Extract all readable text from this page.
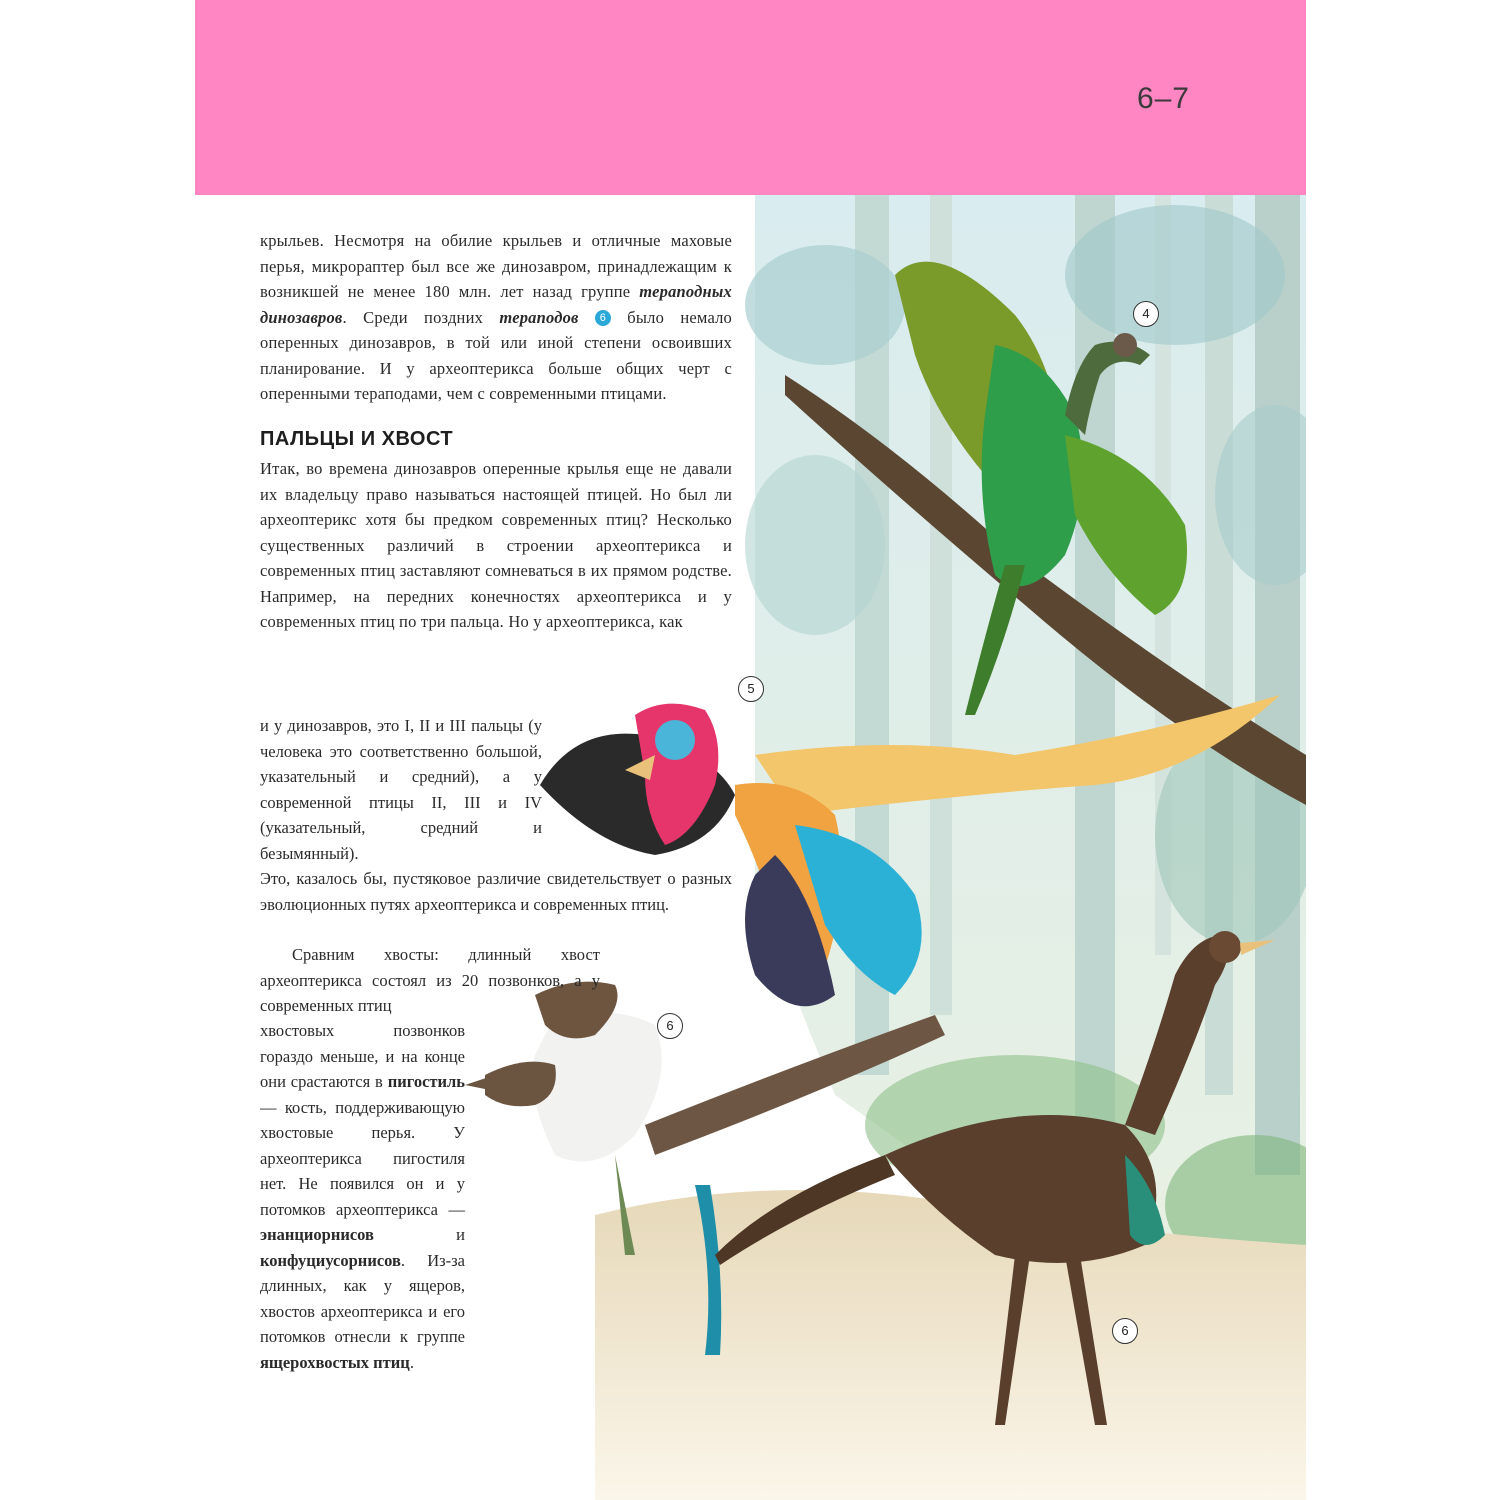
6–7
4
5
6
6

крыльев. Несмотря на обилие крыльев и отличные маховые перья, микрораптер был все же динозавром, принадлежащим к возникшей не менее 180 млн. лет назад группе тераподных динозавров. Среди поздних тераподов 6 было немало оперенных динозавров, в той или иной степени освоивших планирование. И у археоптерикса больше общих черт с оперенными тераподами, чем с современными птицами.

ПАЛЬЦЫ И ХВОСТ

Итак, во времена динозавров оперенные крылья еще не давали их владельцу право называться настоящей птицей. Но был ли археоптерикс хотя бы предком современных птиц? Несколько существенных различий в строении археоптерикса и современных птиц заставляют сомневаться в их прямом родстве. Например, на передних конечностях археоптерикса и у современных птиц по три пальца. Но у археоптерикса, как

и у динозавров, это I, II и III пальцы (у человека это соответственно большой, указательный и средний), а у современной птицы II, III и IV (указательный, средний и безымянный).
Это, казалось бы, пустяковое различие свидетельствует о разных эволюционных путях археоптерикса и современных птиц.
Сравним хвосты: длинный хвост археоптерикса состоял из 20 позвонков, а у современных птиц
хвостовых позвонков гораздо меньше, и на конце они срастаются в пигостиль — кость, поддерживающую хвостовые перья. У археоптерикса пигостиля нет. Не появился он и у потомков археоптерикса — энанциорнисов и конфуциусорнисов. Из-за длинных, как у ящеров, хвостов археоптерикса и его потомков отнесли к группе ящерохвостых птиц.
